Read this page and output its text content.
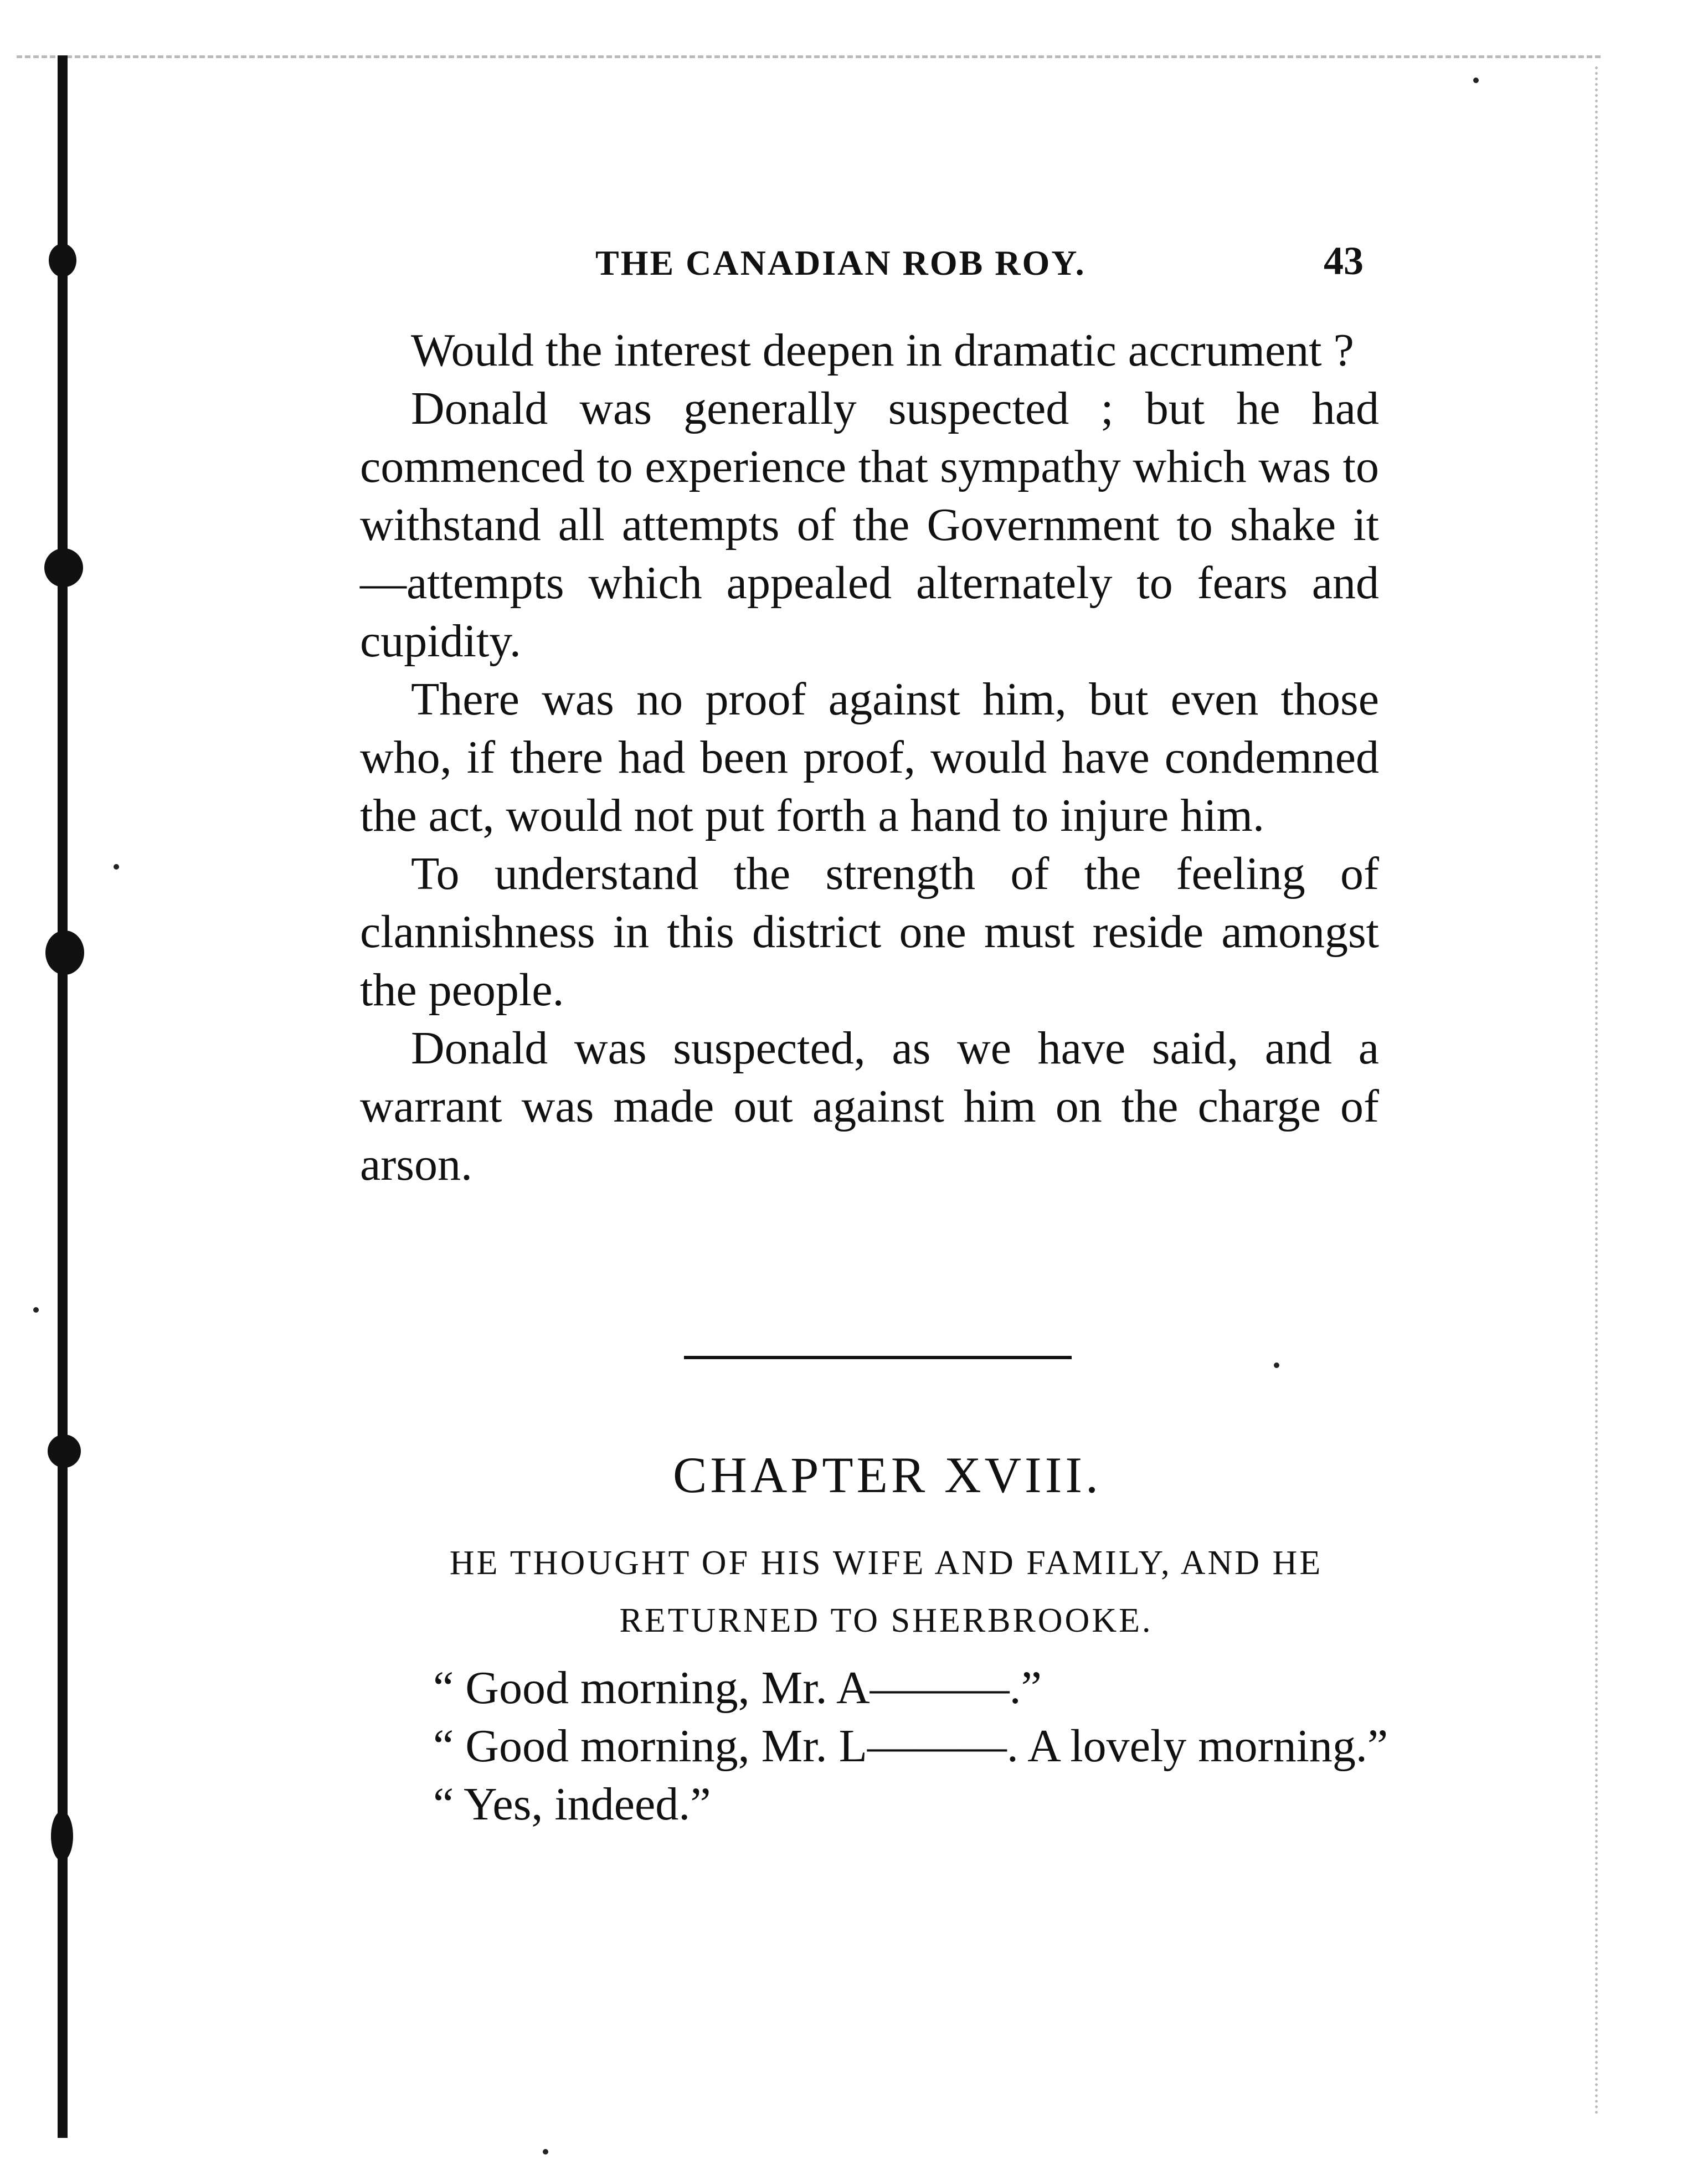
THE CANADIAN ROB ROY.	43

Would the interest deepen in dramatic accrument ?

Donald was generally suspected ; but he had commenced to experience that sympathy which was to withstand all attempts of the Government to shake it—attempts which appealed alternately to fears and cupidity.

There was no proof against him, but even those who, if there had been proof, would have condemned the act, would not put forth a hand to injure him.

To understand the strength of the feeling of clannishness in this district one must reside amongst the people.

Donald was suspected, as we have said, and a warrant was made out against him on the charge of arson.

CHAPTER XVIII.
HE THOUGHT OF HIS WIFE AND FAMILY, AND HE RETURNED TO SHERBROOKE.

“ Good morning, Mr. A———.”

“ Good morning, Mr. L———. A lovely morning.”

“ Yes, indeed.”
